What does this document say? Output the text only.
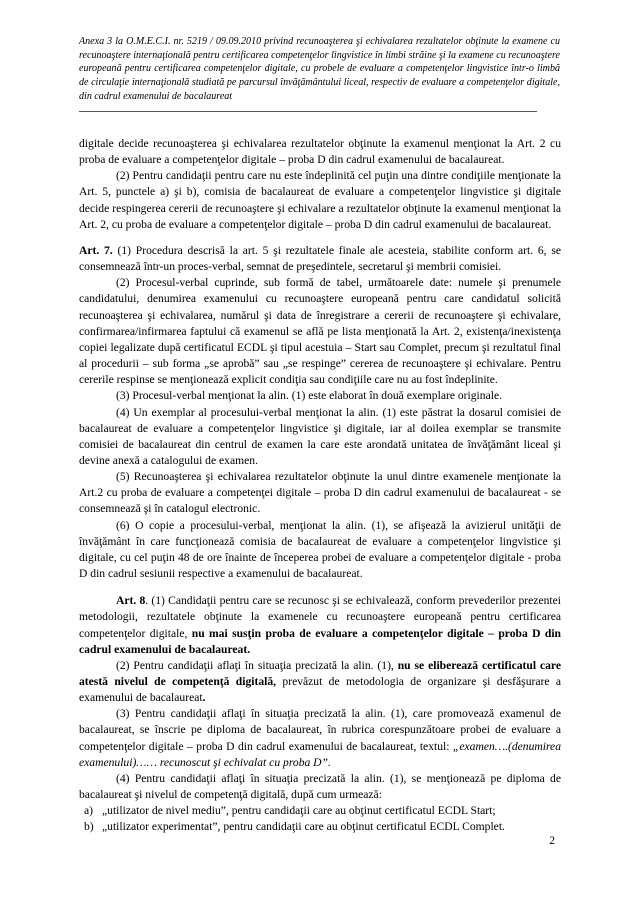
Anexa 3 la O.M.E.C.I. nr. 5219 / 09.09.2010 privind recunoaşterea şi echivalarea rezultatelor obţinute la examene cu recunoaştere internaţională pentru certificarea competenţelor lingvistice în limbi străine şi la examene cu recunoaştere europeană pentru certificarea competenţelor digitale, cu probele de evaluare a competenţelor lingvistice într-o limbă de circulaţie internaţională studiată pe parcursul învăţământului liceal, respectiv de evaluare a competenţelor digitale, din cadrul examenului de bacalaureat

digitale decide recunoaşterea şi echivalarea rezultatelor obţinute la examenul menţionat la Art. 2 cu proba de evaluare a competenţelor digitale – proba D din cadrul examenului de bacalaureat.

(2) Pentru candidaţii pentru care nu este îndeplinită cel puţin una dintre condiţiile menţionate la Art. 5, punctele a) şi b), comisia de bacalaureat de evaluare a competenţelor lingvistice şi digitale decide respingerea cererii de recunoaştere şi echivalare a rezultatelor obţinute la examenul menţionat la Art. 2, cu proba de evaluare a competenţelor digitale – proba D din cadrul examenului de bacalaureat.

Art. 7. (1) Procedura descrisă la art. 5 şi rezultatele finale ale acesteia, stabilite conform art. 6, se consemnează într-un proces-verbal, semnat de preşedintele, secretarul şi membrii comisiei.

(2) Procesul-verbal cuprinde, sub formă de tabel, următoarele date: numele şi prenumele candidatului, denumirea examenului cu recunoaştere europeană pentru care candidatul solicită recunoaşterea şi echivalarea, numărul şi data de înregistrare a cererii de recunoaştere şi echivalare, confirmarea/infirmarea faptului că examenul se află pe lista menţionată la Art. 2, existenţa/inexistenţa copiei legalizate după certificatul ECDL şi tipul acestuia – Start sau Complet, precum şi rezultatul final al procedurii – sub forma „se aprobă” sau „se respinge” cererea de recunoaştere şi echivalare. Pentru cererile respinse se menţionează explicit condiţia sau condiţiile care nu au fost îndeplinite.

(3) Procesul-verbal menţionat la alin. (1) este elaborat în două exemplare originale.

(4) Un exemplar al procesului-verbal menţionat la alin. (1) este păstrat la dosarul comisiei de bacalaureat de evaluare a competenţelor lingvistice şi digitale, iar al doilea exemplar se transmite comisiei de bacalaureat din centrul de examen la care este arondată unitatea de învăţământ liceal şi devine anexă a catalogului de examen.

(5) Recunoaşterea şi echivalarea rezultatelor obţinute la unul dintre examenele menţionate la Art.2 cu proba de evaluare a competenţei digitale – proba D din cadrul examenului de bacalaureat - se consemnează şi în catalogul electronic.

(6) O copie a procesului-verbal, menţionat la alin. (1), se afişează la avizierul unităţii de învăţământ în care funcţionează comisia de bacalaureat de evaluare a competenţelor lingvistice şi digitale, cu cel puţin 48 de ore înainte de începerea probei de evaluare a competenţelor digitale - proba D din cadrul sesiunii respective a examenului de bacalaureat.

Art. 8. (1) Candidaţii pentru care se recunosc şi se echivalează, conform prevederilor prezentei metodologii, rezultatele obţinute la examenele cu recunoaştere europeană pentru certificarea competenţelor digitale, nu mai susţin proba de evaluare a competenţelor digitale – proba D din cadrul examenului de bacalaureat.

(2) Pentru candidaţii aflaţi în situaţia precizată la alin. (1), nu se eliberează certificatul care atestă nivelul de competenţă digitală, prevăzut de metodologia de organizare şi desfăşurare a examenului de bacalaureat.

(3) Pentru candidaţii aflaţi în situaţia precizată la alin. (1), care promovează examenul de bacalaureat, se înscrie pe diploma de bacalaureat, în rubrica corespunzătoare probei de evaluare a competenţelor digitale – proba D din cadrul examenului de bacalaureat, textul: „examen….(denumirea examenului)…… recunoscut şi echivalat cu proba D”.

(4) Pentru candidaţii aflaţi în situaţia precizată la alin. (1), se menţionează pe diploma de bacalaureat şi nivelul de competenţă digitală, după cum urmează:

a) „utilizator de nivel mediu”, pentru candidaţii care au obţinut certificatul ECDL Start;

b) „utilizator experimentat”, pentru candidaţii care au obţinut certificatul ECDL Complet.

2
